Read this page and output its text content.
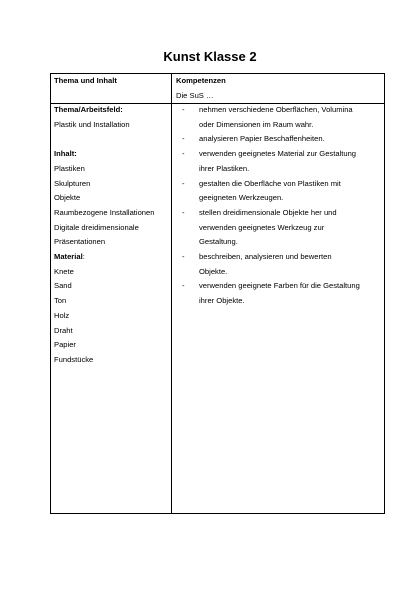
Kunst Klasse 2
Thema und Inhalt	Kompetenzen
Die SuS …
Thema/Arbeitsfeld:
Plastik und Installation
Inhalt:
Plastiken
Skulpturen
Objekte
Raumbezogene Installationen
Digitale dreidimensionale
Präsentationen
Material:
Knete
Sand
Ton
Holz
Draht
Papier
Fundstücke
- nehmen verschiedene Oberflächen, Volumina
oder Dimensionen im Raum wahr.
- analysieren Papier Beschaffenheiten.
- verwenden geeignetes Material zur Gestaltung
ihrer Plastiken.
- gestalten die Oberfläche von Plastiken mit
geeigneten Werkzeugen.
- stellen dreidimensionale Objekte her und
verwenden geeignetes Werkzeug zur
Gestaltung.
- beschreiben, analysieren und bewerten
Objekte.
- verwenden geeignete Farben für die Gestaltung
ihrer Objekte.
